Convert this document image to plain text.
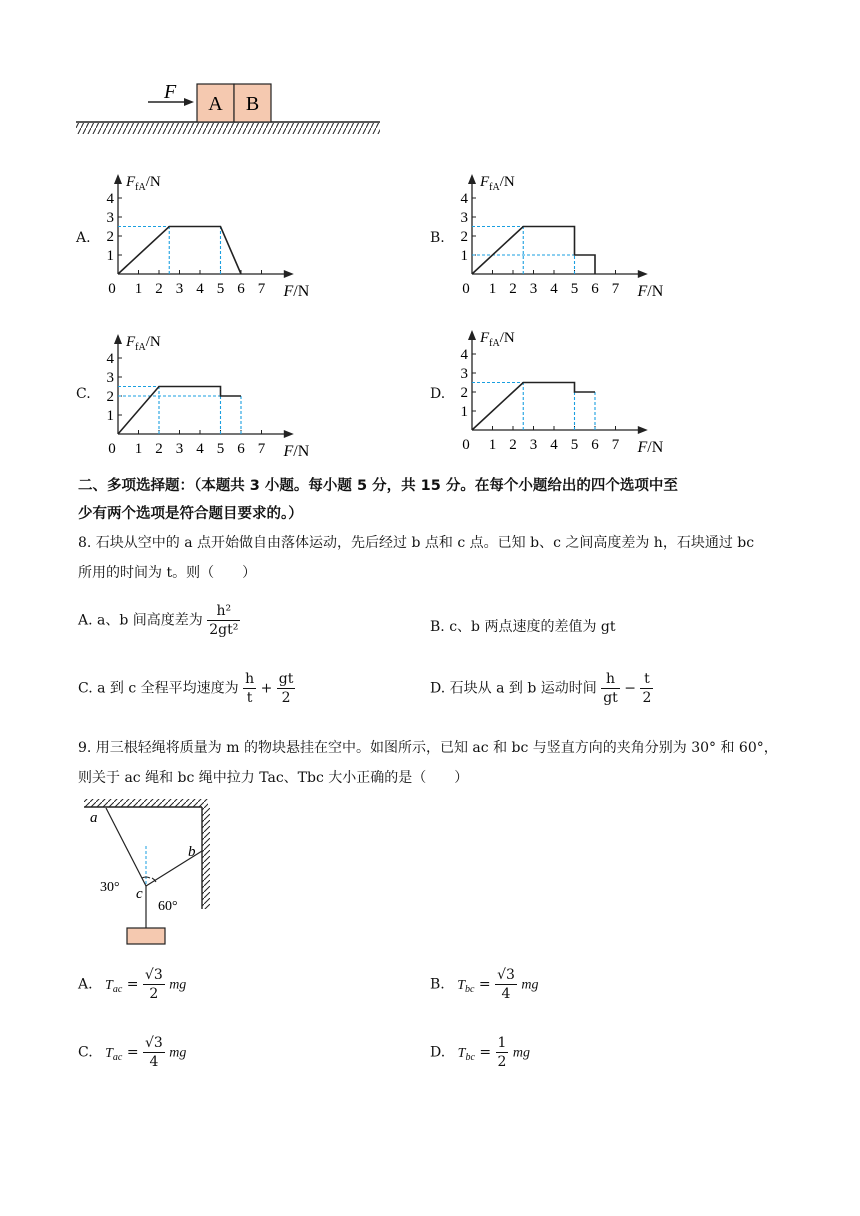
F
A B
A.
1
2
3
4
0 1 2 3 4 5 6 7
$F_{fA}/N$
F/N
B.
1
2
3
4
0 1 2 3 4 5 6 7
$F_{fA}/N$
F/N
C.
1
2
3
4
0 1 2 3 4 5 6 7
$F_{fA}/N$
F/N
D.
1
2
3
4
0 1 2 3 4 5 6 7
$F_{fA}/N$
F/N
二、多项选择题：（本题共 3 小题。每小题 5 分，共 15 分。在每个小题给出的四个选项中至
少有两个选项是符合题目要求的。）
8. 石块从空中的 a 点开始做自由落体运动，先后经过 b 点和 c 点。已知 b、c 之间高度差为 h，石块通过 bc
所用的时间为 t。则（　　）
A. a、b 间高度差为 $\frac{\text{h²}}{\text{2gt²}}$	B. c、b 两点速度的差值为 gt
C. a 到 c 全程平均速度为 $\frac{h}{t} + \frac{gt}{2}$	D. 石块从 a 到 b 运动时间 $\frac{h}{gt} - \frac{t}{2}$
9. 用三根轻绳将质量为 m 的物块悬挂在空中。如图所示，已知 ac 和 bc 与竖直方向的夹角分别为 30° 和 60°，
则关于 ac 绳和 bc 绳中拉力 Tac、Tbc 大小正确的是（　　）
a
b
c
30°
60°
A. $T_{ac} = \frac{√3}{2}$ mg	B. $T_{bc} = \frac{√3}{4}$ mg
C. $T_{ac} = \frac{√3}{4}$ mg	D. $T_{bc} = \frac{1}{2}$ mg
